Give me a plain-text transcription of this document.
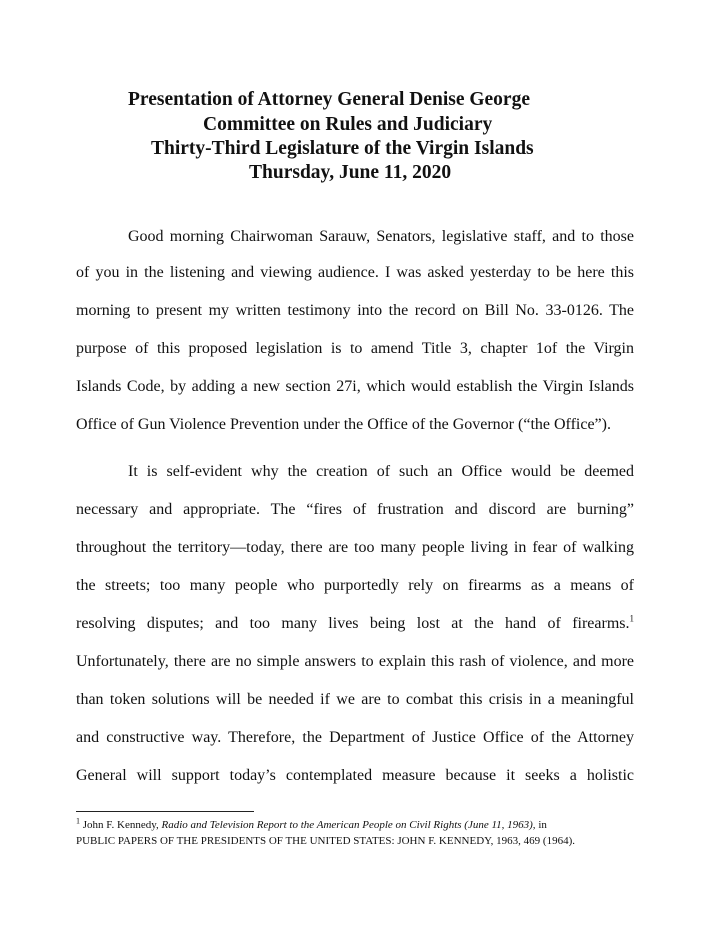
Presentation of Attorney General Denise George
Committee on Rules and Judiciary
Thirty-Third Legislature of the Virgin Islands
Thursday, June 11, 2020
Good morning Chairwoman Sarauw, Senators, legislative staff, and to those
of you in the listening and viewing audience. I was asked yesterday to be here this
morning to present my written testimony into the record on Bill No. 33-0126. The
purpose of this proposed legislation is to amend Title 3, chapter 1of the Virgin
Islands Code, by adding a new section 27i, which would establish the Virgin Islands
Office of Gun Violence Prevention under the Office of the Governor (“the Office”).
It is self-evident why the creation of such an Office would be deemed
necessary and appropriate. The “fires of frustration and discord are burning”
throughout the territory—today, there are too many people living in fear of walking
the streets; too many people who purportedly rely on firearms as a means of
resolving disputes; and too many lives being lost at the hand of firearms.$^1$
Unfortunately, there are no simple answers to explain this rash of violence, and more
than token solutions will be needed if we are to combat this crisis in a meaningful
and constructive way. Therefore, the Department of Justice Office of the Attorney
General will support today’s contemplated measure because it seeks a holistic
$^1$ John F. Kennedy, Radio and Television Report to the American People on Civil Rights (June 11, 1963), in
PUBLIC PAPERS OF THE PRESIDENTS OF THE UNITED STATES: JOHN F. KENNEDY, 1963, 469 (1964).
